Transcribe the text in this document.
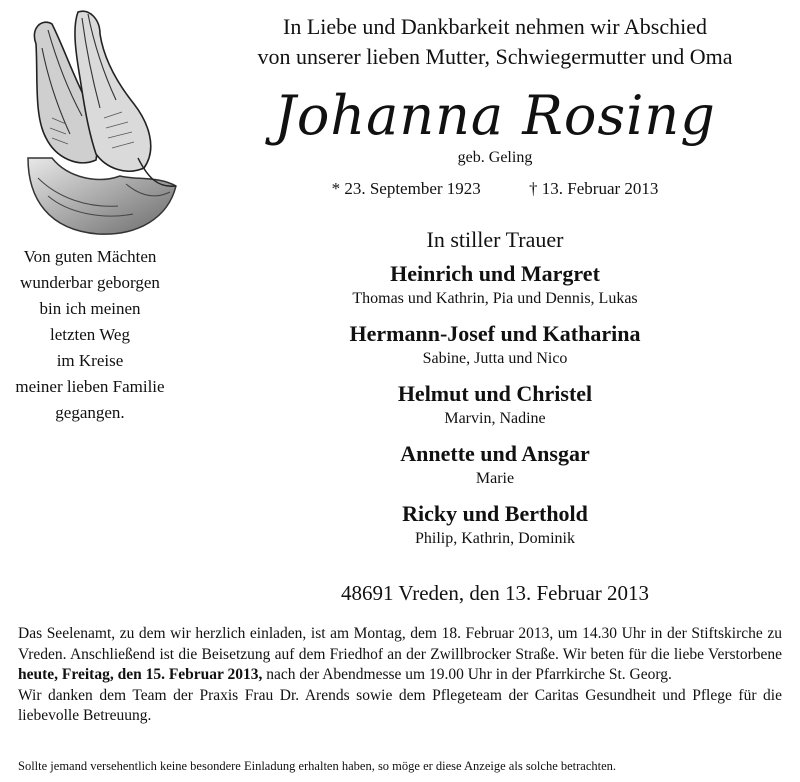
Von guten Mächten
wunderbar geborgen
bin ich meinen
letzten Weg
im Kreise
meiner lieben Familie
gegangen.
In Liebe und Dankbarkeit nehmen wir Abschied
von unserer lieben Mutter, Schwiegermutter und Oma
Johanna Rosing
geb. Geling
* 23. September 1923	† 13. Februar 2013
In stiller Trauer
Heinrich und Margret
Thomas und Kathrin, Pia und Dennis, Lukas
Hermann-Josef und Katharina
Sabine, Jutta und Nico
Helmut und Christel
Marvin, Nadine
Annette und Ansgar
Marie
Ricky und Berthold
Philip, Kathrin, Dominik
48691 Vreden, den 13. Februar 2013
Das Seelenamt, zu dem wir herzlich einladen, ist am Montag, dem 18. Februar 2013, um 14.30 Uhr in der Stiftskirche zu Vreden. Anschließend ist die Beisetzung auf dem Friedhof an der Zwillbrocker Straße. Wir beten für die liebe Verstorbene heute, Freitag, den 15. Februar 2013, nach der Abendmesse um 19.00 Uhr in der Pfarrkirche St. Georg.
Wir danken dem Team der Praxis Frau Dr. Arends sowie dem Pflegeteam der Caritas Gesundheit und Pflege für die liebevolle Betreuung.
Sollte jemand versehentlich keine besondere Einladung erhalten haben, so möge er diese Anzeige als solche betrachten.
